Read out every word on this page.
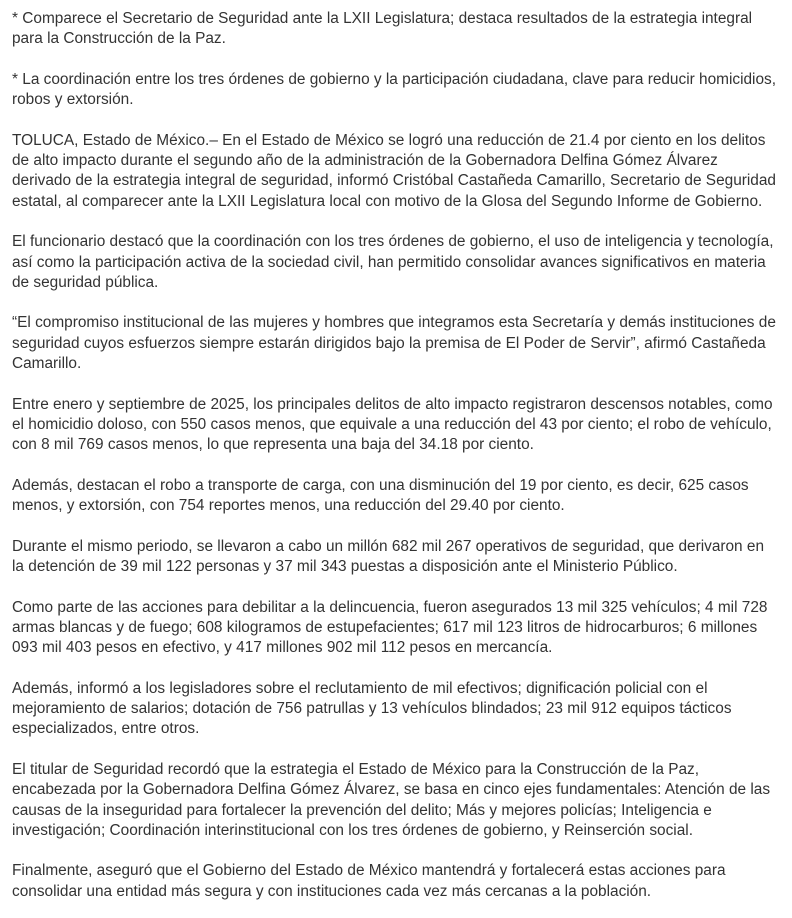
* Comparece el Secretario de Seguridad ante la LXII Legislatura; destaca resultados de la estrategia integral para la Construcción de la Paz.

* La coordinación entre los tres órdenes de gobierno y la participación ciudadana, clave para reducir homicidios, robos y extorsión.

TOLUCA, Estado de México.– En el Estado de México se logró una reducción de 21.4 por ciento en los delitos de alto impacto durante el segundo año de la administración de la Gobernadora Delfina Gómez Álvarez derivado de la estrategia integral de seguridad, informó Cristóbal Castañeda Camarillo, Secretario de Seguridad estatal, al comparecer ante la LXII Legislatura local con motivo de la Glosa del Segundo Informe de Gobierno.

El funcionario destacó que la coordinación con los tres órdenes de gobierno, el uso de inteligencia y tecnología, así como la participación activa de la sociedad civil, han permitido consolidar avances significativos en materia de seguridad pública.

“El compromiso institucional de las mujeres y hombres que integramos esta Secretaría y demás instituciones de seguridad cuyos esfuerzos siempre estarán dirigidos bajo la premisa de El Poder de Servir”, afirmó Castañeda Camarillo.

Entre enero y septiembre de 2025, los principales delitos de alto impacto registraron descensos notables, como el homicidio doloso, con 550 casos menos, que equivale a una reducción del 43 por ciento; el robo de vehículo, con 8 mil 769 casos menos, lo que representa una baja del 34.18 por ciento.

Además, destacan el robo a transporte de carga, con una disminución del 19 por ciento, es decir, 625 casos menos, y extorsión, con 754 reportes menos, una reducción del 29.40 por ciento.

Durante el mismo periodo, se llevaron a cabo un millón 682 mil 267 operativos de seguridad, que derivaron en la detención de 39 mil 122 personas y 37 mil 343 puestas a disposición ante el Ministerio Público.

Como parte de las acciones para debilitar a la delincuencia, fueron asegurados 13 mil 325 vehículos; 4 mil 728 armas blancas y de fuego; 608 kilogramos de estupefacientes; 617 mil 123 litros de hidrocarburos; 6 millones 093 mil 403 pesos en efectivo, y 417 millones 902 mil 112 pesos en mercancía.

Además, informó a los legisladores sobre el reclutamiento de mil efectivos; dignificación policial con el mejoramiento de salarios; dotación de 756 patrullas y 13 vehículos blindados; 23 mil 912 equipos tácticos especializados, entre otros.

El titular de Seguridad recordó que la estrategia el Estado de México para la Construcción de la Paz, encabezada por la Gobernadora Delfina Gómez Álvarez, se basa en cinco ejes fundamentales: Atención de las causas de la inseguridad para fortalecer la prevención del delito; Más y mejores policías; Inteligencia e investigación; Coordinación interinstitucional con los tres órdenes de gobierno, y Reinserción social.

Finalmente, aseguró que el Gobierno del Estado de México mantendrá y fortalecerá estas acciones para consolidar una entidad más segura y con instituciones cada vez más cercanas a la población.
